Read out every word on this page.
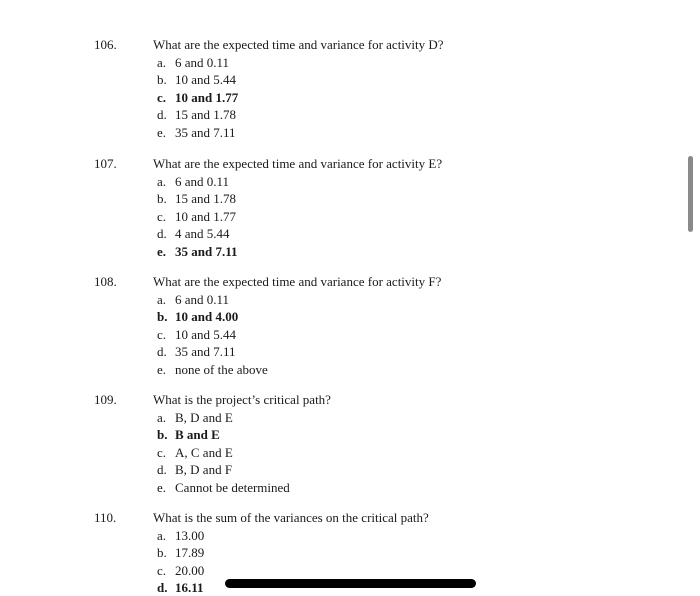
106.	What are the expected time and variance for activity D?
a. 6 and 0.11
b. 10 and 5.44
c. 10 and 1.77
d. 15 and 1.78
e. 35 and 7.11
107.	What are the expected time and variance for activity E?
a. 6 and 0.11
b. 15 and 1.78
c. 10 and 1.77
d. 4 and 5.44
e. 35 and 7.11
108.	What are the expected time and variance for activity F?
a. 6 and 0.11
b. 10 and 4.00
c. 10 and 5.44
d. 35 and 7.11
e. none of the above
109.	What is the project’s critical path?
a. B, D and E
b. B and E
c. A, C and E
d. B, D and F
e. Cannot be determined
110.	What is the sum of the variances on the critical path?
a. 13.00
b. 17.89
c. 20.00
d. 16.11
